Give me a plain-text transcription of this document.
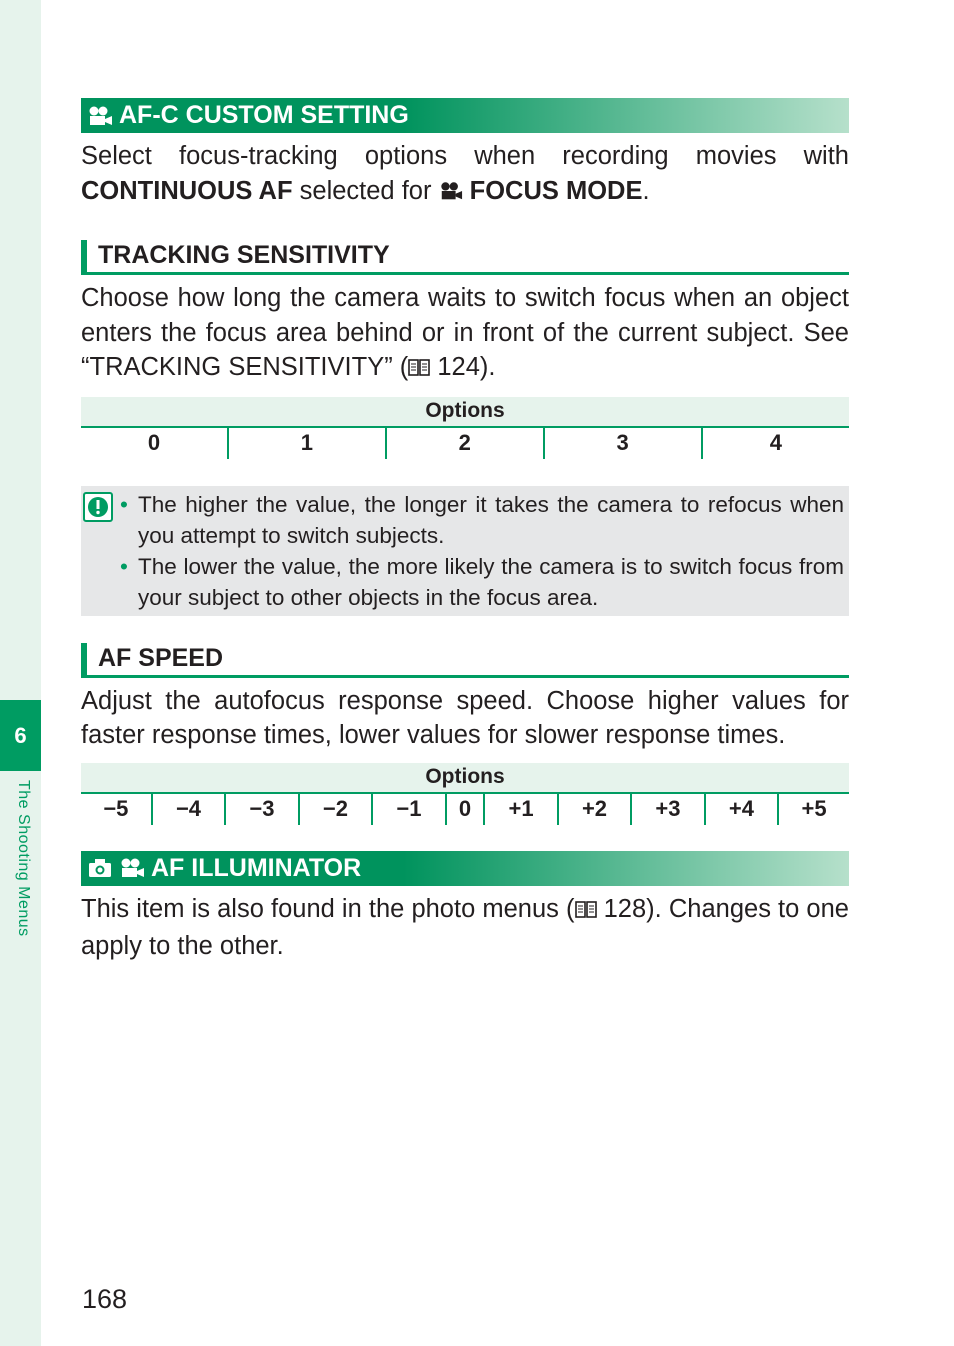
6
The Shooting Menus
AF-C CUSTOM SETTING

Select focus-tracking options when recording movies with CONTINUOUS AF selected for  FOCUS MODE.

TRACKING SENSITIVITY

Choose how long the camera waits to switch focus when an object enters the focus area behind or in front of the current subject. See “TRACKING SENSITIVITY” ( 124).

Options
0	1	2	3	4
• The higher the value, the longer it takes the camera to refocus when you attempt to switch subjects.
• The lower the value, the more likely the camera is to switch focus from your subject to other objects in the focus area.
AF SPEED

Adjust the autofocus response speed. Choose higher values for faster response times, lower values for slower response times.

Options
−5	−4	−3	−2	−1	0	+1	+2	+3	+4	+5
AF ILLUMINATOR

This item is also found in the photo menus ( 128). Changes to one apply to the other.

168
